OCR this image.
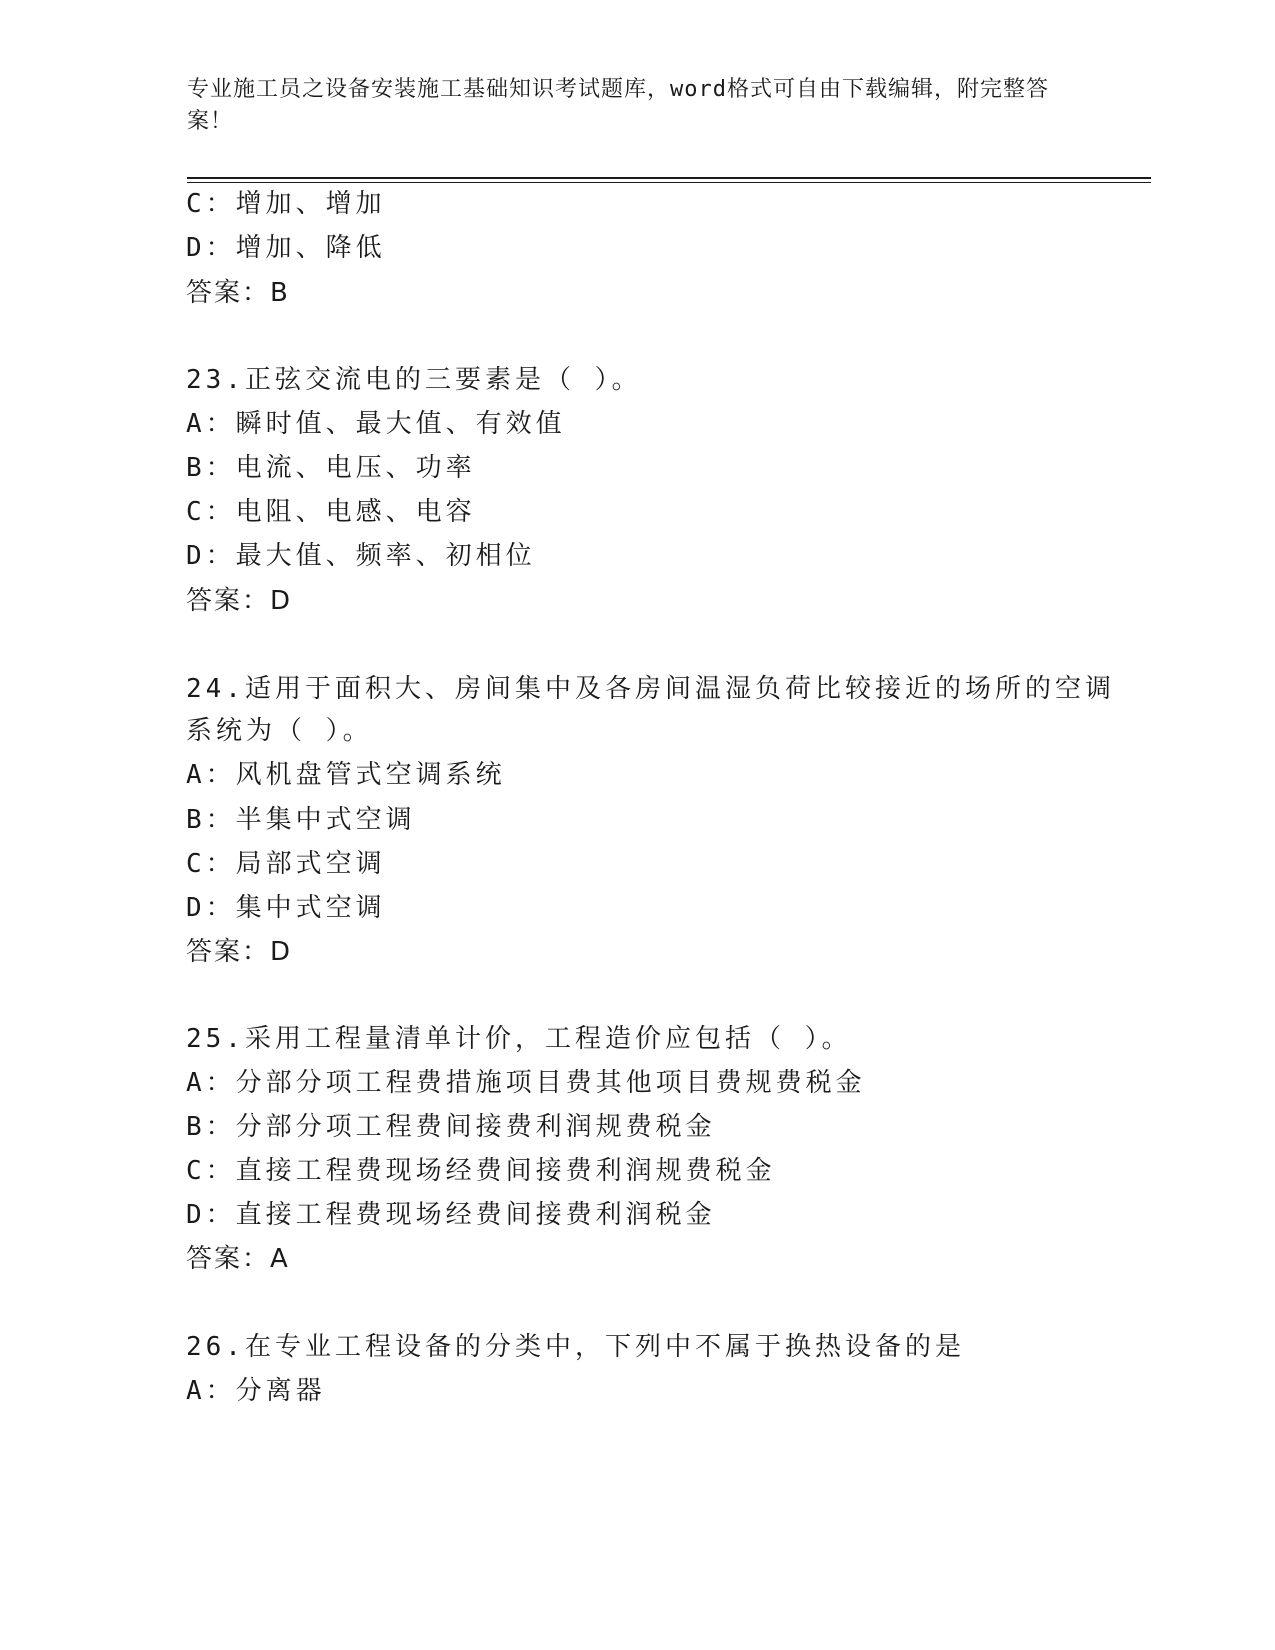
专业施工员之设备安装施工基础知识考试题库，word格式可自由下载编辑，附完整答案！
C：增加、增加
D：增加、降低
答案：B
23.正弦交流电的三要素是（ ）。
A：瞬时值、最大值、有效值
B：电流、电压、功率
C：电阻、电感、电容
D：最大值、频率、初相位
答案：D
24.适用于面积大、房间集中及各房间温湿负荷比较接近的场所的空调
系统为（ ）。
A：风机盘管式空调系统
B：半集中式空调
C：局部式空调
D：集中式空调
答案：D
25.采用工程量清单计价，工程造价应包括（ ）。
A：分部分项工程费措施项目费其他项目费规费税金
B：分部分项工程费间接费利润规费税金
C：直接工程费现场经费间接费利润规费税金
D：直接工程费现场经费间接费利润税金
答案：A
26.在专业工程设备的分类中，下列中不属于换热设备的是
A：分离器
